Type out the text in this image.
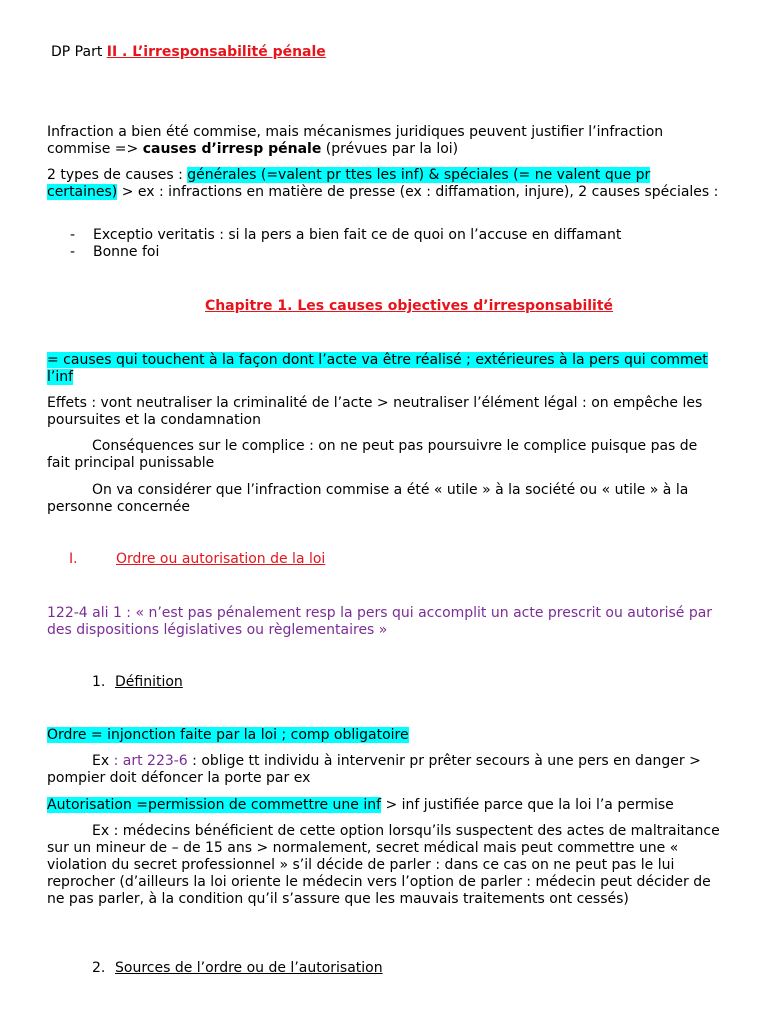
DP Part II . L’irresponsabilité pénale
Infraction a bien été commise, mais mécanismes juridiques peuvent justifier l’infraction commise => causes d’irresp pénale (prévues par la loi)
2 types de causes : générales (=valent pr ttes les inf) & spéciales (= ne valent que pr certaines) > ex : infractions en matière de presse (ex : diffamation, injure), 2 causes spéciales :
- Exceptio veritatis : si la pers a bien fait ce de quoi on l’accuse en diffamant
- Bonne foi
Chapitre 1. Les causes objectives d’irresponsabilité
= causes qui touchent à la façon dont l’acte va être réalisé ; extérieures à la pers qui commet l’inf
Effets : vont neutraliser la criminalité de l’acte > neutraliser l’élément légal : on empêche les poursuites et la condamnation
Conséquences sur le complice : on ne peut pas poursuivre le complice puisque pas de fait principal punissable
On va considérer que l’infraction commise a été « utile » à la société ou « utile » à la personne concernée
I.	Ordre ou autorisation de la loi
122-4 ali 1 : « n’est pas pénalement resp la pers qui accomplit un acte prescrit ou autorisé par des dispositions législatives ou règlementaires »
1. Définition
Ordre = injonction faite par la loi ; comp obligatoire
Ex : art 223-6 : oblige tt individu à intervenir pr prêter secours à une pers en danger > pompier doit défoncer la porte par ex
Autorisation =permission de commettre une inf > inf justifiée parce que la loi l’a permise
Ex : médecins bénéficient de cette option lorsqu’ils suspectent des actes de maltraitance sur un mineur de – de 15 ans > normalement, secret médical mais peut commettre une « violation du secret professionnel » s’il décide de parler : dans ce cas on ne peut pas le lui reprocher (d’ailleurs la loi oriente le médecin vers l’option de parler : médecin peut décider de ne pas parler, à la condition qu’il s’assure que les mauvais traitements ont cessés)
2. Sources de l’ordre ou de l’autorisation
